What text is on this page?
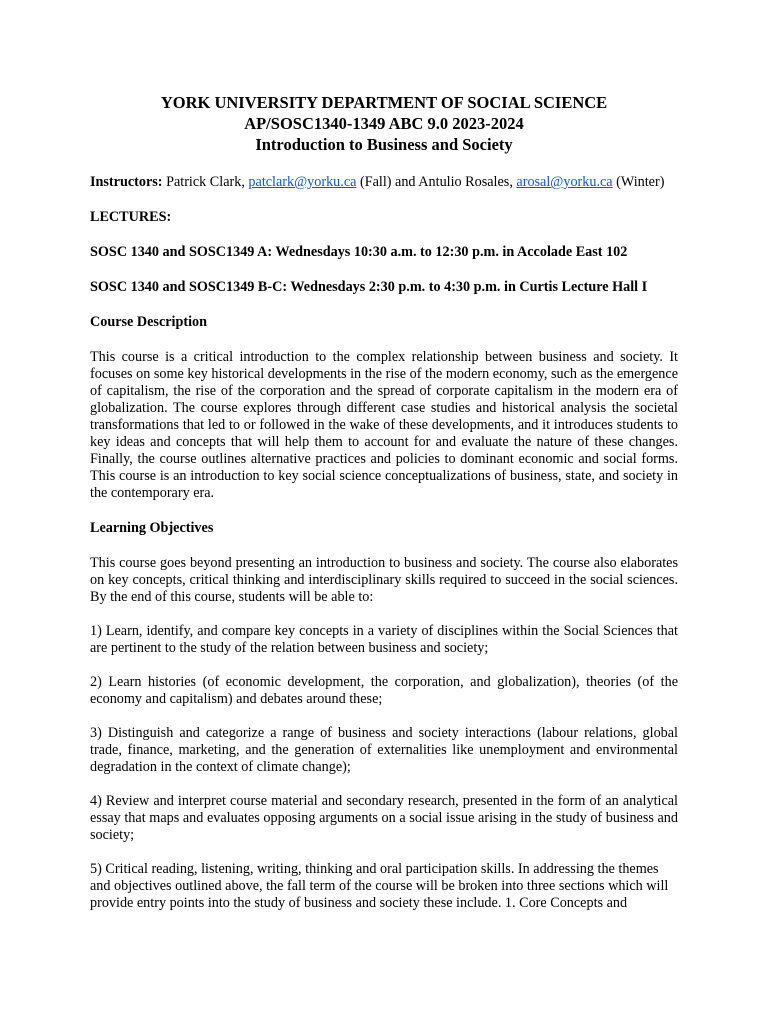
YORK UNIVERSITY DEPARTMENT OF SOCIAL SCIENCE

AP/SOSC1340-1349 ABC 9.0 2023-2024

Introduction to Business and Society

Instructors: Patrick Clark, patclark@yorku.ca (Fall) and Antulio Rosales, arosal@yorku.ca (Winter)

LECTURES:

SOSC 1340 and SOSC1349 A: Wednesdays 10:30 a.m. to 12:30 p.m. in Accolade East 102

SOSC 1340 and SOSC1349 B-C: Wednesdays 2:30 p.m. to 4:30 p.m. in Curtis Lecture Hall I

Course Description

This course is a critical introduction to the complex relationship between business and society. It focuses on some key historical developments in the rise of the modern economy, such as the emergence of capitalism, the rise of the corporation and the spread of corporate capitalism in the modern era of globalization. The course explores through different case studies and historical analysis the societal transformations that led to or followed in the wake of these developments, and it introduces students to key ideas and concepts that will help them to account for and evaluate the nature of these changes. Finally, the course outlines alternative practices and policies to dominant economic and social forms. This course is an introduction to key social science conceptualizations of business, state, and society in the contemporary era.

Learning Objectives

This course goes beyond presenting an introduction to business and society. The course also elaborates on key concepts, critical thinking and interdisciplinary skills required to succeed in the social sciences. By the end of this course, students will be able to:

1) Learn, identify, and compare key concepts in a variety of disciplines within the Social Sciences that are pertinent to the study of the relation between business and society;

2) Learn histories (of economic development, the corporation, and globalization), theories (of the economy and capitalism) and debates around these;

3) Distinguish and categorize a range of business and society interactions (labour relations, global trade, finance, marketing, and the generation of externalities like unemployment and environmental degradation in the context of climate change);

4) Review and interpret course material and secondary research, presented in the form of an analytical essay that maps and evaluates opposing arguments on a social issue arising in the study of business and society;

5) Critical reading, listening, writing, thinking and oral participation skills. In addressing the themes and objectives outlined above, the fall term of the course will be broken into three sections which will provide entry points into the study of business and society these include. 1. Core Concepts and
